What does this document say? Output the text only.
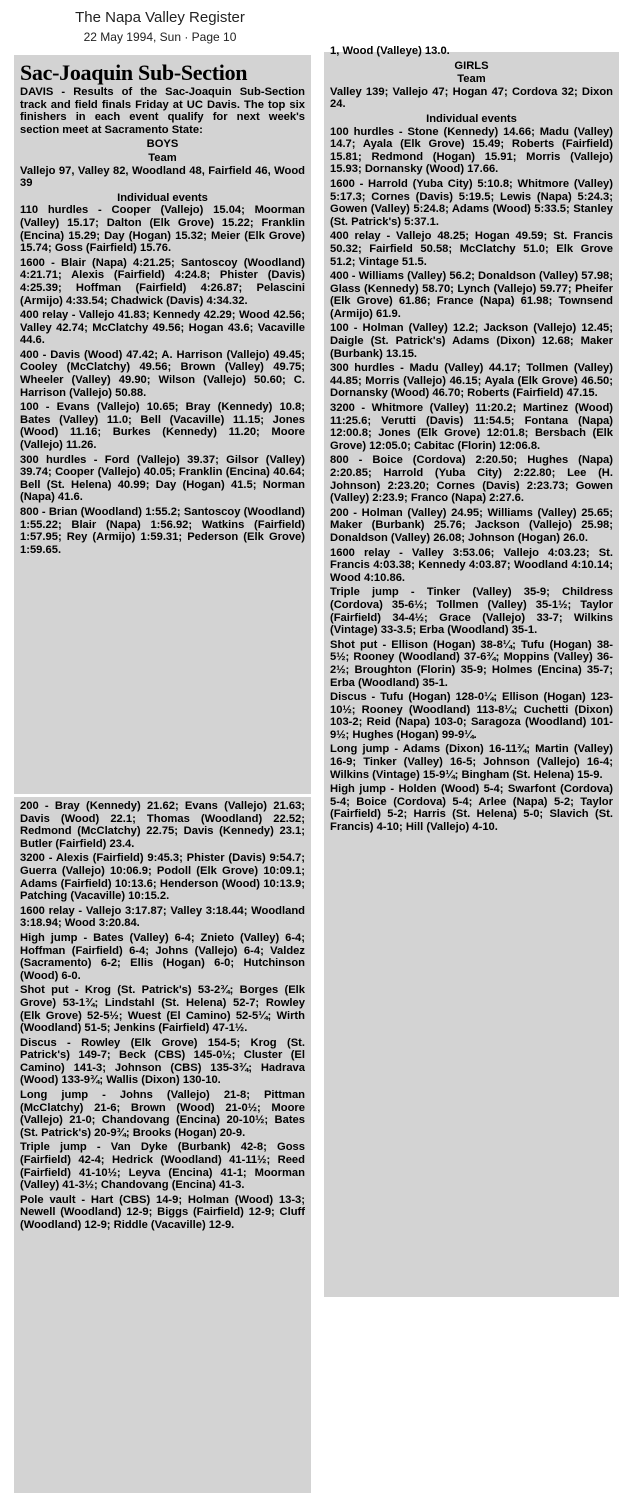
The Napa Valley Register
22 May 1994, Sun · Page 10
Sac-Joaquin Sub-Section

DAVIS - Results of the Sac-Joaquin Sub-Section track and field finals Friday at UC Davis. The top six finishers in each event qualify for next week's section meet at Sacramento State:

BOYS
Team

Vallejo 97, Valley 82, Woodland 48, Fairfield 46, Wood 39

Individual events

110 hurdles - Cooper (Vallejo) 15.04; Moorman (Valley) 15.17; Dalton (Elk Grove) 15.22; Franklin (Encina) 15.29; Day (Hogan) 15.32; Meier (Elk Grove) 15.74; Goss (Fairfield) 15.76.

1600 - Blair (Napa) 4:21.25; Santoscoy (Woodland) 4:21.71; Alexis (Fairfield) 4:24.8; Phister (Davis) 4:25.39; Hoffman (Fairfield) 4:26.87; Pelascini (Armijo) 4:33.54; Chadwick (Davis) 4:34.32.

400 relay - Vallejo 41.83; Kennedy 42.29; Wood 42.56; Valley 42.74; McClatchy 49.56; Hogan 43.6; Vacaville 44.6.

400 - Davis (Wood) 47.42; A. Harrison (Vallejo) 49.45; Cooley (McClatchy) 49.56; Brown (Valley) 49.75; Wheeler (Valley) 49.90; Wilson (Vallejo) 50.60; C. Harrison (Vallejo) 50.88.

100 - Evans (Vallejo) 10.65; Bray (Kennedy) 10.8; Bates (Valley) 11.0; Bell (Vacaville) 11.15; Jones (Wood) 11.16; Burkes (Kennedy) 11.20; Moore (Vallejo) 11.26.

300 hurdles - Ford (Vallejo) 39.37; Gilsor (Valley) 39.74; Cooper (Vallejo) 40.05; Franklin (Encina) 40.64; Bell (St. Helena) 40.99; Day (Hogan) 41.5; Norman (Napa) 41.6.

800 - Brian (Woodland) 1:55.2; Santoscoy (Woodland) 1:55.22; Blair (Napa) 1:56.92; Watkins (Fairfield) 1:57.95; Rey (Armijo) 1:59.31; Pederson (Elk Grove) 1:59.65.

1, Wood (Valleye) 13.0.

GIRLS
Team

Valley 139; Vallejo 47; Hogan 47; Cordova 32; Dixon 24.

Individual events

100 hurdles - Stone (Kennedy) 14.66; Madu (Valley) 14.7; Ayala (Elk Grove) 15.49; Roberts (Fairfield) 15.81; Redmond (Hogan) 15.91; Morris (Vallejo) 15.93; Dornansky (Wood) 17.66.

1600 - Harrold (Yuba City) 5:10.8; Whitmore (Valley) 5:17.3; Cornes (Davis) 5:19.5; Lewis (Napa) 5:24.3; Gowen (Valley) 5:24.8; Adams (Wood) 5:33.5; Stanley (St. Patrick's) 5:37.1.

400 relay - Vallejo 48.25; Hogan 49.59; St. Francis 50.32; Fairfield 50.58; McClatchy 51.0; Elk Grove 51.2; Vintage 51.5.

400 - Williams (Valley) 56.2; Donaldson (Valley) 57.98; Glass (Kennedy) 58.70; Lynch (Vallejo) 59.77; Pheifer (Elk Grove) 61.86; France (Napa) 61.98; Townsend (Armijo) 61.9.

100 - Holman (Valley) 12.2; Jackson (Vallejo) 12.45; Daigle (St. Patrick's) Adams (Dixon) 12.68; Maker (Burbank) 13.15.

300 hurdles - Madu (Valley) 44.17; Tollmen (Valley) 44.85; Morris (Vallejo) 46.15; Ayala (Elk Grove) 46.50; Dornansky (Wood) 46.70; Roberts (Fairfield) 47.15.

3200 - Whitmore (Valley) 11:20.2; Martinez (Wood) 11:25.6; Verutti (Davis) 11:54.5; Fontana (Napa) 12:00.8; Jones (Elk Grove) 12:01.8; Bersbach (Elk Grove) 12:05.0; Cabitac (Florin) 12:06.8.

800 - Boice (Cordova) 2:20.50; Hughes (Napa) 2:20.85; Harrold (Yuba City) 2:22.80; Lee (H. Johnson) 2:23.20; Cornes (Davis) 2:23.73; Gowen (Valley) 2:23.9; Franco (Napa) 2:27.6.

200 - Holman (Valley) 24.95; Williams (Valley) 25.65; Maker (Burbank) 25.76; Jackson (Vallejo) 25.98; Donaldson (Valley) 26.08; Johnson (Hogan) 26.0.

1600 relay - Valley 3:53.06; Vallejo 4:03.23; St. Francis 4:03.38; Kennedy 4:03.87; Woodland 4:10.14; Wood 4:10.86.

Triple jump - Tinker (Valley) 35-9; Childress (Cordova) 35-6½; Tollmen (Valley) 35-1½; Taylor (Fairfield) 34-4½; Grace (Vallejo) 33-7; Wilkins (Vintage) 33-3.5; Erba (Woodland) 35-1.

Shot put - Ellison (Hogan) 38-8¼; Tufu (Hogan) 38-5½; Rooney (Woodland) 37-6¾; Moppins (Valley) 36-2½; Broughton (Florin) 35-9; Holmes (Encina) 35-7; Erba (Woodland) 35-1.

Discus - Tufu (Hogan) 128-0¼; Ellison (Hogan) 123-10½; Rooney (Woodland) 113-8¼; Cuchetti (Dixon) 103-2; Reid (Napa) 103-0; Saragoza (Woodland) 101-9½; Hughes (Hogan) 99-9¼.

Long jump - Adams (Dixon) 16-11¾; Martin (Valley) 16-9; Tinker (Valley) 16-5; Johnson (Vallejo) 16-4; Wilkins (Vintage) 15-9¼; Bingham (St. Helena) 15-9.

High jump - Holden (Wood) 5-4; Swarfont (Cordova) 5-4; Boice (Cordova) 5-4; Arlee (Napa) 5-2; Taylor (Fairfield) 5-2; Harris (St. Helena) 5-0; Slavich (St. Francis) 4-10; Hill (Vallejo) 4-10.

200 - Bray (Kennedy) 21.62; Evans (Vallejo) 21.63; Davis (Wood) 22.1; Thomas (Woodland) 22.52; Redmond (McClatchy) 22.75; Davis (Kennedy) 23.1; Butler (Fairfield) 23.4.

3200 - Alexis (Fairfield) 9:45.3; Phister (Davis) 9:54.7; Guerra (Vallejo) 10:06.9; Podoll (Elk Grove) 10:09.1; Adams (Fairfield) 10:13.6; Henderson (Wood) 10:13.9; Patching (Vacaville) 10:15.2.

1600 relay - Vallejo 3:17.87; Valley 3:18.44; Woodland 3:18.94; Wood 3:20.84.

High jump - Bates (Valley) 6-4; Znieto (Valley) 6-4; Hoffman (Fairfield) 6-4; Johns (Vallejo) 6-4; Valdez (Sacramento) 6-2; Ellis (Hogan) 6-0; Hutchinson (Wood) 6-0.

Shot put - Krog (St. Patrick's) 53-2¾; Borges (Elk Grove) 53-1¾; Lindstahl (St. Helena) 52-7; Rowley (Elk Grove) 52-5½; Wuest (El Camino) 52-5¼; Wirth (Woodland) 51-5; Jenkins (Fairfield) 47-1½.

Discus - Rowley (Elk Grove) 154-5; Krog (St. Patrick's) 149-7; Beck (CBS) 145-0½; Cluster (El Camino) 141-3; Johnson (CBS) 135-3¾; Hadrava (Wood) 133-9¾; Wallis (Dixon) 130-10.

Long jump - Johns (Vallejo) 21-8; Pittman (McClatchy) 21-6; Brown (Wood) 21-0½; Moore (Vallejo) 21-0; Chandovang (Encina) 20-10½; Bates (St. Patrick's) 20-9¾; Brooks (Hogan) 20-9.

Triple jump - Van Dyke (Burbank) 42-8; Goss (Fairfield) 42-4; Hedrick (Woodland) 41-11½; Reed (Fairfield) 41-10½; Leyva (Encina) 41-1; Moorman (Valley) 41-3½; Chandovang (Encina) 41-3.

Pole vault - Hart (CBS) 14-9; Holman (Wood) 13-3; Newell (Woodland) 12-9; Biggs (Fairfield) 12-9; Cluff (Woodland) 12-9; Riddle (Vacaville) 12-9.
